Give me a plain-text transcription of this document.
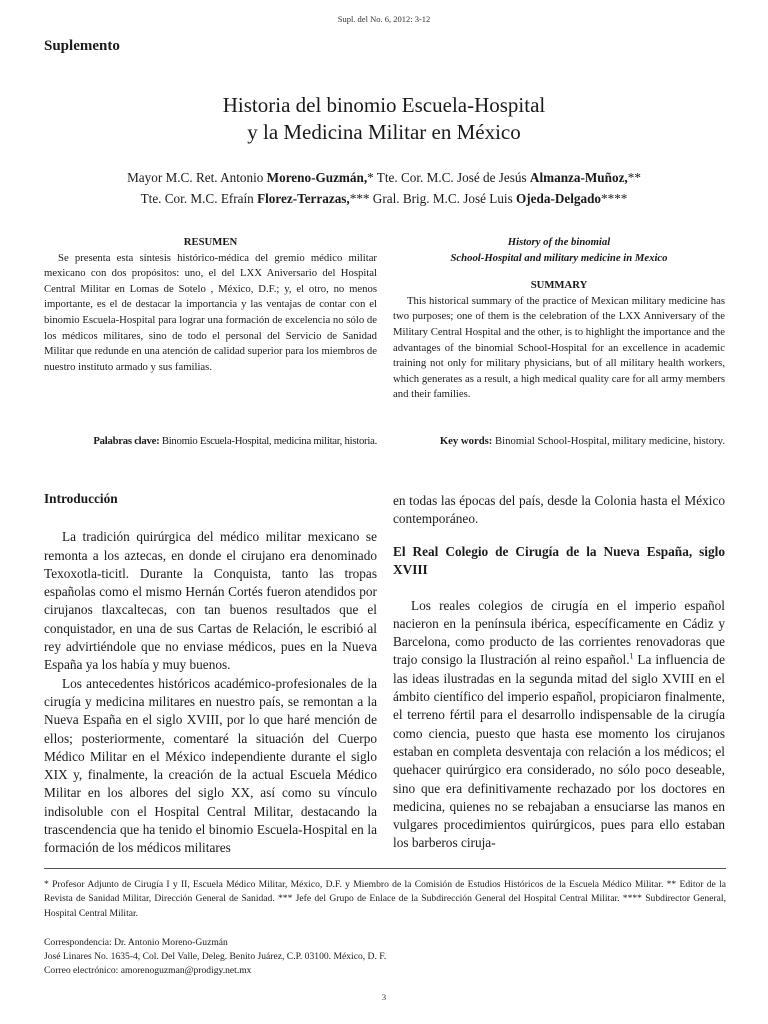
Supl. del No. 6, 2012: 3-12
Suplemento
Historia del binomio Escuela-Hospital
y la Medicina Militar en México
Mayor M.C. Ret. Antonio Moreno-Guzmán,* Tte. Cor. M.C. José de Jesús Almanza-Muñoz,**
Tte. Cor. M.C. Efraín Florez-Terrazas,*** Gral. Brig. M.C. José Luis Ojeda-Delgado****
RESUMEN
Se presenta esta síntesis histórico-médica del gremio médico militar mexicano con dos propósitos: uno, el del LXX Aniversario del Hospital Central Militar en Lomas de Sotelo , México, D.F.; y, el otro, no menos importante, es el de destacar la importancia y las ventajas de contar con el binomio Escuela-Hospital para lograr una formación de excelencia no sólo de los médicos militares, sino de todo el personal del Servicio de Sanidad Militar que redunde en una atención de calidad superior para los miembros de nuestro instituto armado y sus familias.
History of the binomial
School-Hospital and military medicine in Mexico
SUMMARY
This historical summary of the practice of Mexican military medicine has two purposes; one of them is the celebration of the LXX Anniversary of the Military Central Hospital and the other, is to highlight the importance and the advantages of the binomial School-Hospital for an excellence in academic training not only for military physicians, but of all military health workers, which generates as a result, a high medical quality care for all army members and their families.
Palabras clave: Binomio Escuela-Hospital, medicina militar, historia.	Key words: Binomial School-Hospital, military medicine, history.
Introducción

La tradición quirúrgica del médico militar mexicano se remonta a los aztecas, en donde el cirujano era denominado Texoxotla-ticitl. Durante la Conquista, tanto las tropas españolas como el mismo Hernán Cortés fueron atendidos por cirujanos tlaxcaltecas, con tan buenos resultados que el conquistador, en una de sus Cartas de Relación, le escribió al rey advirtiéndole que no enviase médicos, pues en la Nueva España ya los había y muy buenos.

Los antecedentes históricos académico-profesionales de la cirugía y medicina militares en nuestro país, se remontan a la Nueva España en el siglo XVIII, por lo que haré mención de ellos; posteriormente, comentaré la situación del Cuerpo Médico Militar en el México independiente durante el siglo XIX y, finalmente, la creación de la actual Escuela Médico Militar en los albores del siglo XX, así como su vínculo indisoluble con el Hospital Central Militar, destacando la trascendencia que ha tenido el binomio Escuela-Hospital en la formación de los médicos militares

en todas las épocas del país, desde la Colonia hasta el México contemporáneo.

El Real Colegio de Cirugía de la Nueva España, siglo XVIII

Los reales colegios de cirugía en el imperio español nacieron en la península ibérica, específicamente en Cádiz y Barcelona, como producto de las corrientes renovadoras que trajo consigo la Ilustración al reino español.$^1$ La influencia de las ideas ilustradas en la segunda mitad del siglo XVIII en el ámbito científico del imperio español, propiciaron finalmente, el terreno fértil para el desarrollo indispensable de la cirugía como ciencia, puesto que hasta ese momento los cirujanos estaban en completa desventaja con relación a los médicos; el quehacer quirúrgico era considerado, no sólo poco deseable, sino que era definitivamente rechazado por los doctores en medicina, quienes no se rebajaban a ensuciarse las manos en vulgares procedimientos quirúrgicos, pues para ello estaban los barberos ciruja-

* Profesor Adjunto de Cirugía I y II, Escuela Médico Militar, México, D.F. y Miembro de la Comisión de Estudios Históricos de la Escuela Médico Militar. ** Editor de la Revista de Sanidad Militar, Dirección General de Sanidad. *** Jefe del Grupo de Enlace de la Subdirección General del Hospital Central Militar. **** Subdirector General, Hospital Central Militar.
Correspondencia: Dr. Antonio Moreno-Guzmán
José Linares No. 1635-4, Col. Del Valle, Deleg. Benito Juárez, C.P. 03100. México, D. F.
Correo electrónico: amorenoguzman@prodigy.net.mx
3
